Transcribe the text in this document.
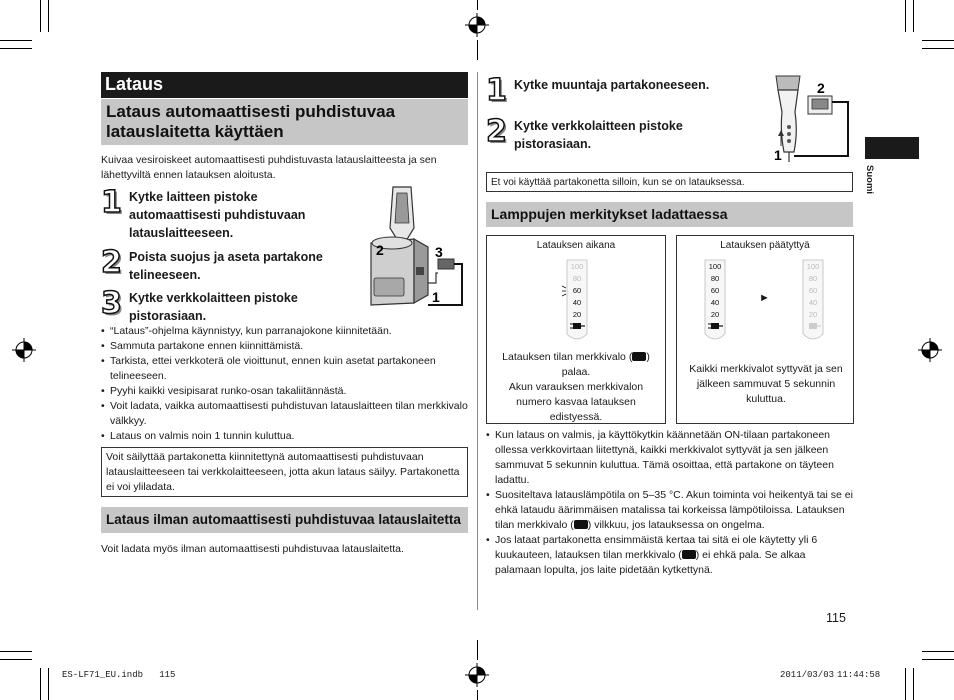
Lataus
Lataus automaattisesti puhdistuvaa latauslaitetta käyttäen
Kuivaa vesiroiskeet automaattisesti puhdistuvasta latauslaitteesta ja sen lähettyviltä ennen latauksen aloitusta.
1 Kytke laitteen pistoke automaattisesti puhdistuvaan latauslaitteeseen.
2 Poista suojus ja aseta partakone telineeseen.
3 Kytke verkkolaitteen pistoke pistorasiaan.
2	3
1
• “Lataus”-ohjelma käynnistyy, kun parranajokone kiinnitetään.
• Sammuta partakone ennen kiinnittämistä.
• Tarkista, ettei verkkoterä ole vioittunut, ennen kuin asetat partakoneen telineeseen.
• Pyyhi kaikki vesipisarat runko-osan takaliitännästä.
• Voit ladata, vaikka automaattisesti puhdistuvan latauslaitteen tilan merkkivalo välkkyy.
• Lataus on valmis noin 1 tunnin kuluttua.
Voit säilyttää partakonetta kiinnitettynä automaattisesti puhdistuvaan latauslaitteeseen tai verkkolaitteeseen, jotta akun lataus säilyy. Partakonetta ei voi yliladata.
Lataus ilman automaattisesti puhdistuvaa latauslaitetta
Voit ladata myös ilman automaattisesti puhdistuvaa latauslaitetta.
1 Kytke muuntaja partakoneeseen.
2 Kytke verkkolaitteen pistoke pistorasiaan.
2
1
Et voi käyttää partakonetta silloin, kun se on latauksessa.
Lamppujen merkitykset ladattaessa
Latauksen aikana
100
80
60
40
20
Latauksen tilan merkkivalo ( ) palaa.
Akun varauksen merkkivalon numero kasvaa latauksen edistyessä.
Latauksen päätyttyä
100
80
60
40
20
►
100
80
60
40
20
Kaikki merkkivalot syttyvät ja sen jälkeen sammuvat 5 sekunnin kuluttua.
• Kun lataus on valmis, ja käyttökytkin käännetään ON-tilaan partakoneen ollessa verkkovirtaan liitettynä, kaikki merkkivalot syttyvät ja sen jälkeen sammuvat 5 sekunnin kuluttua. Tämä osoittaa, että partakone on täyteen ladattu.
• Suositeltava latauslämpötila on 5–35 °C. Akun toiminta voi heikentyä tai se ei ehkä lataudu äärimmäisen matalissa tai korkeissa lämpötiloissa. Latauksen tilan merkkivalo ( ) vilkkuu, jos latauksessa on ongelma.
• Jos lataat partakonetta ensimmäistä kertaa tai sitä ei ole käytetty yli 6 kuukauteen, latauksen tilan merkkivalo ( ) ei ehkä pala. Se alkaa palamaan lopulta, jos laite pidetään kytkettynä.
Suomi
115
ES-LF71_EU.indb   115	2011/03/03 11:44:58
